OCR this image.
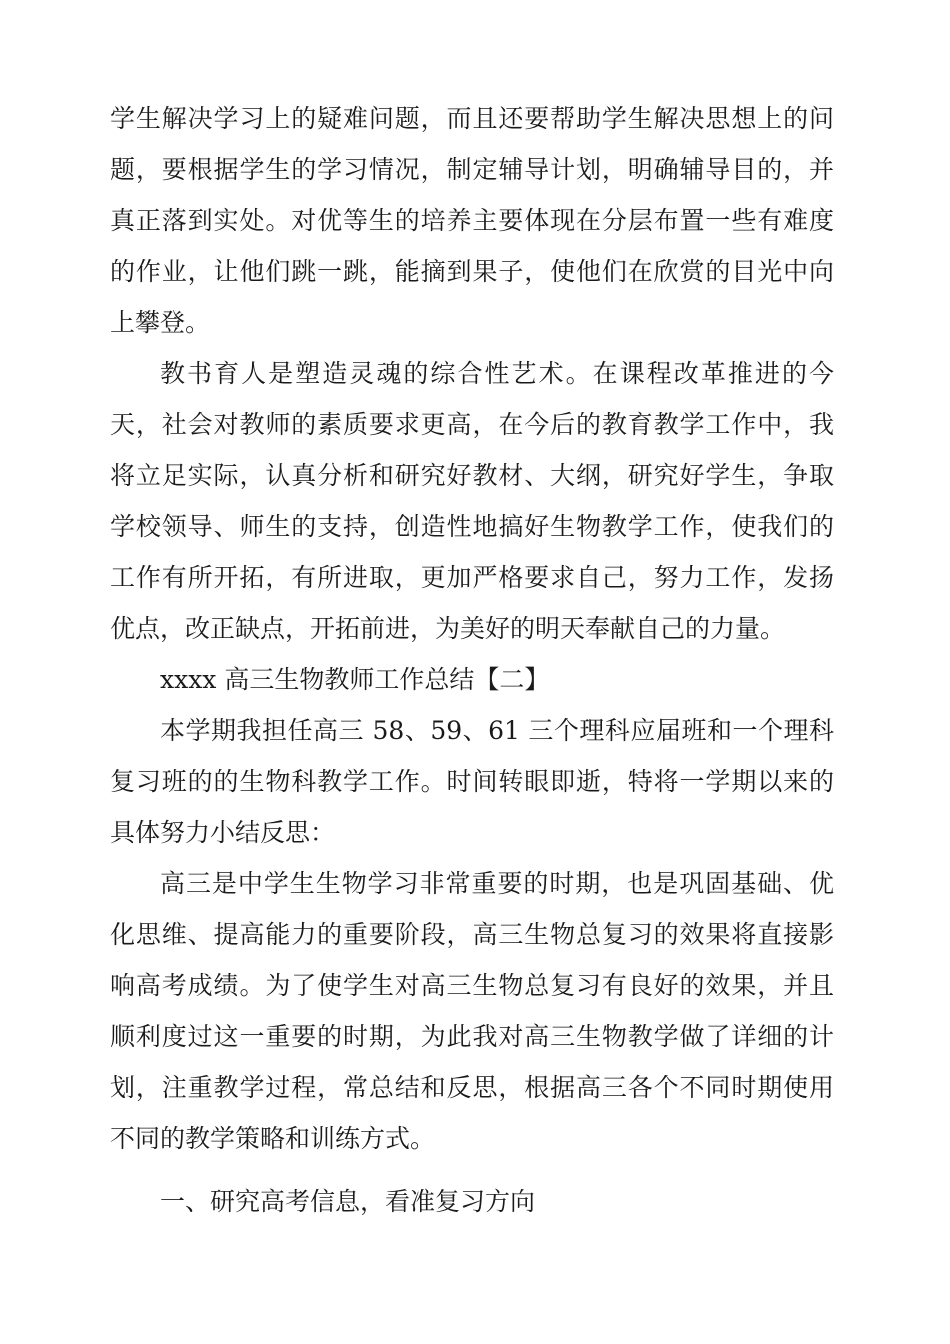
学生解决学习上的疑难问题，而且还要帮助学生解决思想上的问题，要根据学生的学习情况，制定辅导计划，明确辅导目的，并真正落到实处。对优等生的培养主要体现在分层布置一些有难度的作业，让他们跳一跳，能摘到果子，使他们在欣赏的目光中向上攀登。

教书育人是塑造灵魂的综合性艺术。在课程改革推进的今天，社会对教师的素质要求更高，在今后的教育教学工作中，我将立足实际，认真分析和研究好教材、大纲，研究好学生，争取学校领导、师生的支持，创造性地搞好生物教学工作，使我们的工作有所开拓，有所进取，更加严格要求自己，努力工作，发扬优点，改正缺点，开拓前进，为美好的明天奉献自己的力量。

xxxx 高三生物教师工作总结【二】

本学期我担任高三 58、59、61 三个理科应届班和一个理科复习班的的生物科教学工作。时间转眼即逝，特将一学期以来的具体努力小结反思：

高三是中学生生物学习非常重要的时期，也是巩固基础、优化思维、提高能力的重要阶段，高三生物总复习的效果将直接影响高考成绩。为了使学生对高三生物总复习有良好的效果，并且顺利度过这一重要的时期，为此我对高三生物教学做了详细的计划，注重教学过程，常总结和反思，根据高三各个不同时期使用不同的教学策略和训练方式。

一、研究高考信息，看准复习方向
